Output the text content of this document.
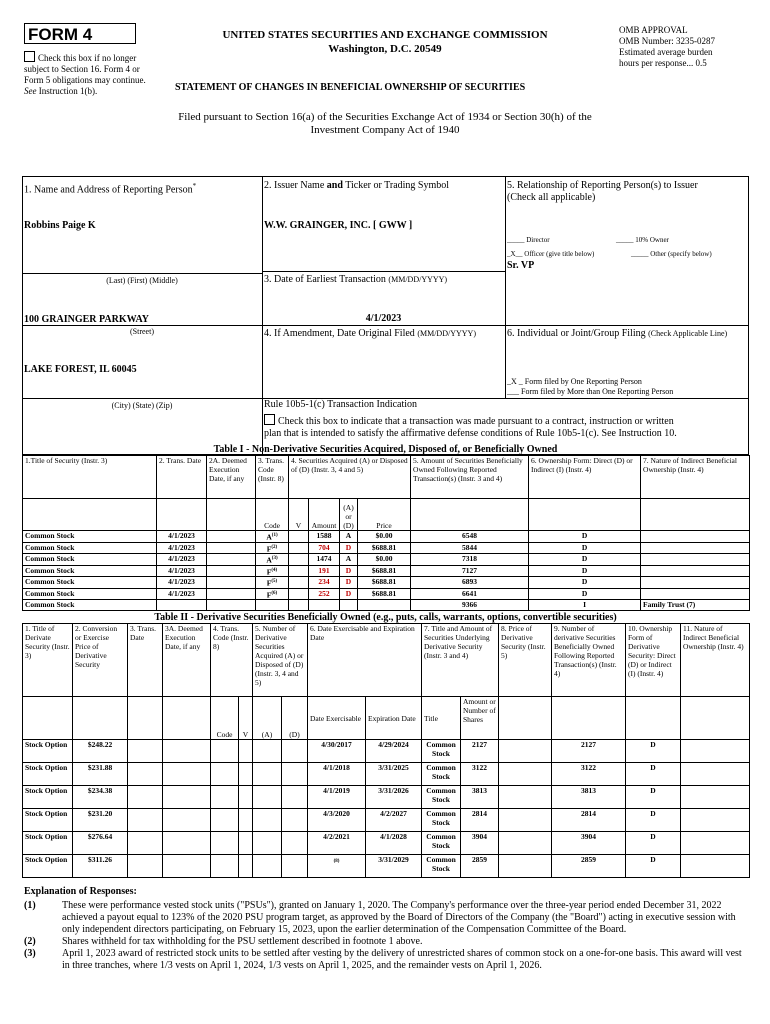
FORM 4
Check this box if no longer subject to Section 16. Form 4 or Form 5 obligations may continue. See Instruction 1(b).
UNITED STATES SECURITIES AND EXCHANGE COMMISSION
Washington, D.C. 20549
OMB APPROVAL
OMB Number: 3235-0287
Estimated average burden
hours per response... 0.5
STATEMENT OF CHANGES IN BENEFICIAL OWNERSHIP OF SECURITIES
Filed pursuant to Section 16(a) of the Securities Exchange Act of 1934 or Section 30(h) of the
Investment Company Act of 1940
1. Name and Address of Reporting Person*
Robbins Paige K
(Last) (First) (Middle)
100 GRAINGER PARKWAY
(Street)
LAKE FOREST, IL 60045
(City) (State) (Zip)
2. Issuer Name and Ticker or Trading Symbol
W.W. GRAINGER, INC. [ GWW ]
3. Date of Earliest Transaction (MM/DD/YYYY)
4/1/2023
4. If Amendment, Date Original Filed (MM/DD/YYYY)
5. Relationship of Reporting Person(s) to Issuer
(Check all applicable)
_____ Director	_____ 10% Owner
_X__ Officer (give title below)	_____ Other (specify below)
Sr. VP
6. Individual or Joint/Group Filing (Check Applicable Line)
_X _ Form filed by One Reporting Person
___ Form filed by More than One Reporting Person
Rule 10b5-1(c) Transaction Indication
Check this box to indicate that a transaction was made pursuant to a contract, instruction or written
plan that is intended to satisfy the affirmative defense conditions of Rule 10b5-1(c). See Instruction 10.
Table I - Non-Derivative Securities Acquired, Disposed of, or Beneficially Owned
1.Title of Security (Instr. 3)	2. Trans. Date	2A. Deemed Execution Date, if any	3. Trans. Code (Instr. 8)	4. Securities Acquired (A) or Disposed of (D) (Instr. 3, 4 and 5)				5. Amount of Securities Beneficially Owned Following Reported Transaction(s) (Instr. 3 and 4)	6. Ownership Form: Direct (D) or Indirect (I) (Instr. 4)	7. Nature of Indirect Beneficial Ownership (Instr. 4)
			Code	V	Amount	(A) or (D)	Price			
Common Stock	4/1/2023		$A^{(1)}$		1588	A	$0.00	6548	D	
Common Stock	4/1/2023		$F^{(2)}$		704	D	$688.81	5844	D	
Common Stock	4/1/2023		$A^{(3)}$		1474	A	$0.00	7318	D	
Common Stock	4/1/2023		$F^{(4)}$		191	D	$688.81	7127	D	
Common Stock	4/1/2023		$F^{(5)}$		234	D	$688.81	6893	D	
Common Stock	4/1/2023		$F^{(6)}$		252	D	$688.81	6641	D	
Common Stock								9366	I	Family Trust (7)
Table II - Derivative Securities Beneficially Owned (e.g., puts, calls, warrants, options, convertible securities)
1. Title of Derivate Security (Instr. 3)	2. Conversion or Exercise Price of Derivative Security	3. Trans. Date	3A. Deemed Execution Date, if any	4. Trans. Code (Instr. 8)		5. Number of Derivative Securities Acquired (A) or Disposed of (D) (Instr. 3, 4 and 5)		6. Date Exercisable and Expiration Date		7. Title and Amount of Securities Underlying Derivative Security (Instr. 3 and 4)		8. Price of Derivative Security (Instr. 5)	9. Number of derivative Securities Beneficially Owned Following Reported Transaction(s) (Instr. 4)	10. Ownership Form of Derivative Security: Direct (D) or Indirect (I) (Instr. 4)	11. Nature of Indirect Beneficial Ownership (Instr. 4)
				Code	V	(A)	(D)	Date Exercisable	Expiration Date	Title	Amount or Number of Shares				
Stock Option	$248.22							4/30/2017	4/29/2024	Common Stock	2127		2127	D	
Stock Option	$231.88							4/1/2018	3/31/2025	Common Stock	3122		3122	D	
Stock Option	$234.38							4/1/2019	3/31/2026	Common Stock	3813		3813	D	
Stock Option	$231.20							4/3/2020	4/2/2027	Common Stock	2814		2814	D	
Stock Option	$276.64							4/2/2021	4/1/2028	Common Stock	3904		3904	D	
Stock Option	$311.26							(8)	3/31/2029	Common Stock	2859		2859	D	
Explanation of Responses:
(1)	These were performance vested stock units ("PSUs"), granted on January 1, 2020. The Company's performance over the three-year period ended December 31, 2022 achieved a payout equal to 123% of the 2020 PSU program target, as approved by the Board of Directors of the Company (the "Board") acting in executive session with only independent directors participating, on February 15, 2023, upon the earlier determination of the Compensation Committee of the Board.
(2)	Shares withheld for tax withholding for the PSU settlement described in footnote 1 above.
(3)	April 1, 2023 award of restricted stock units to be settled after vesting by the delivery of unrestricted shares of common stock on a one-for-one basis. This award will vest in three tranches, where 1/3 vests on April 1, 2024, 1/3 vests on April 1, 2025, and the remainder vests on April 1, 2026.
